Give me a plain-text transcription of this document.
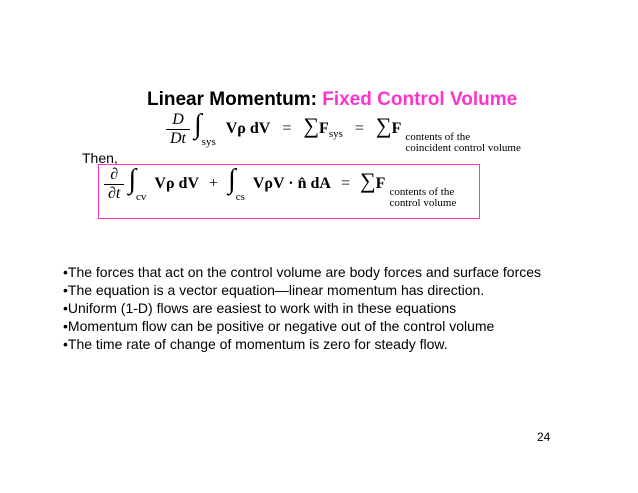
Linear Momentum: Fixed Control Volume
$\frac{D}{Dt} \int_{sys}$ Vρ dV = $\sum F_{sys} = \sum F$ contents of the
coincident control volume
Then,
$\frac{\partial}{\partial t} \int_{cv}$ Vρ dV + $\int_{cs}$ VρV · n̂ dA = ∑F contents of the
control volume
•The forces that act on the control volume are body forces and surface forces
•The equation is a vector equation—linear momentum has direction.
•Uniform (1-D) flows are easiest to work with in these equations
•Momentum flow can be positive or negative out of the control volume
•The time rate of change of momentum is zero for steady flow.
24
